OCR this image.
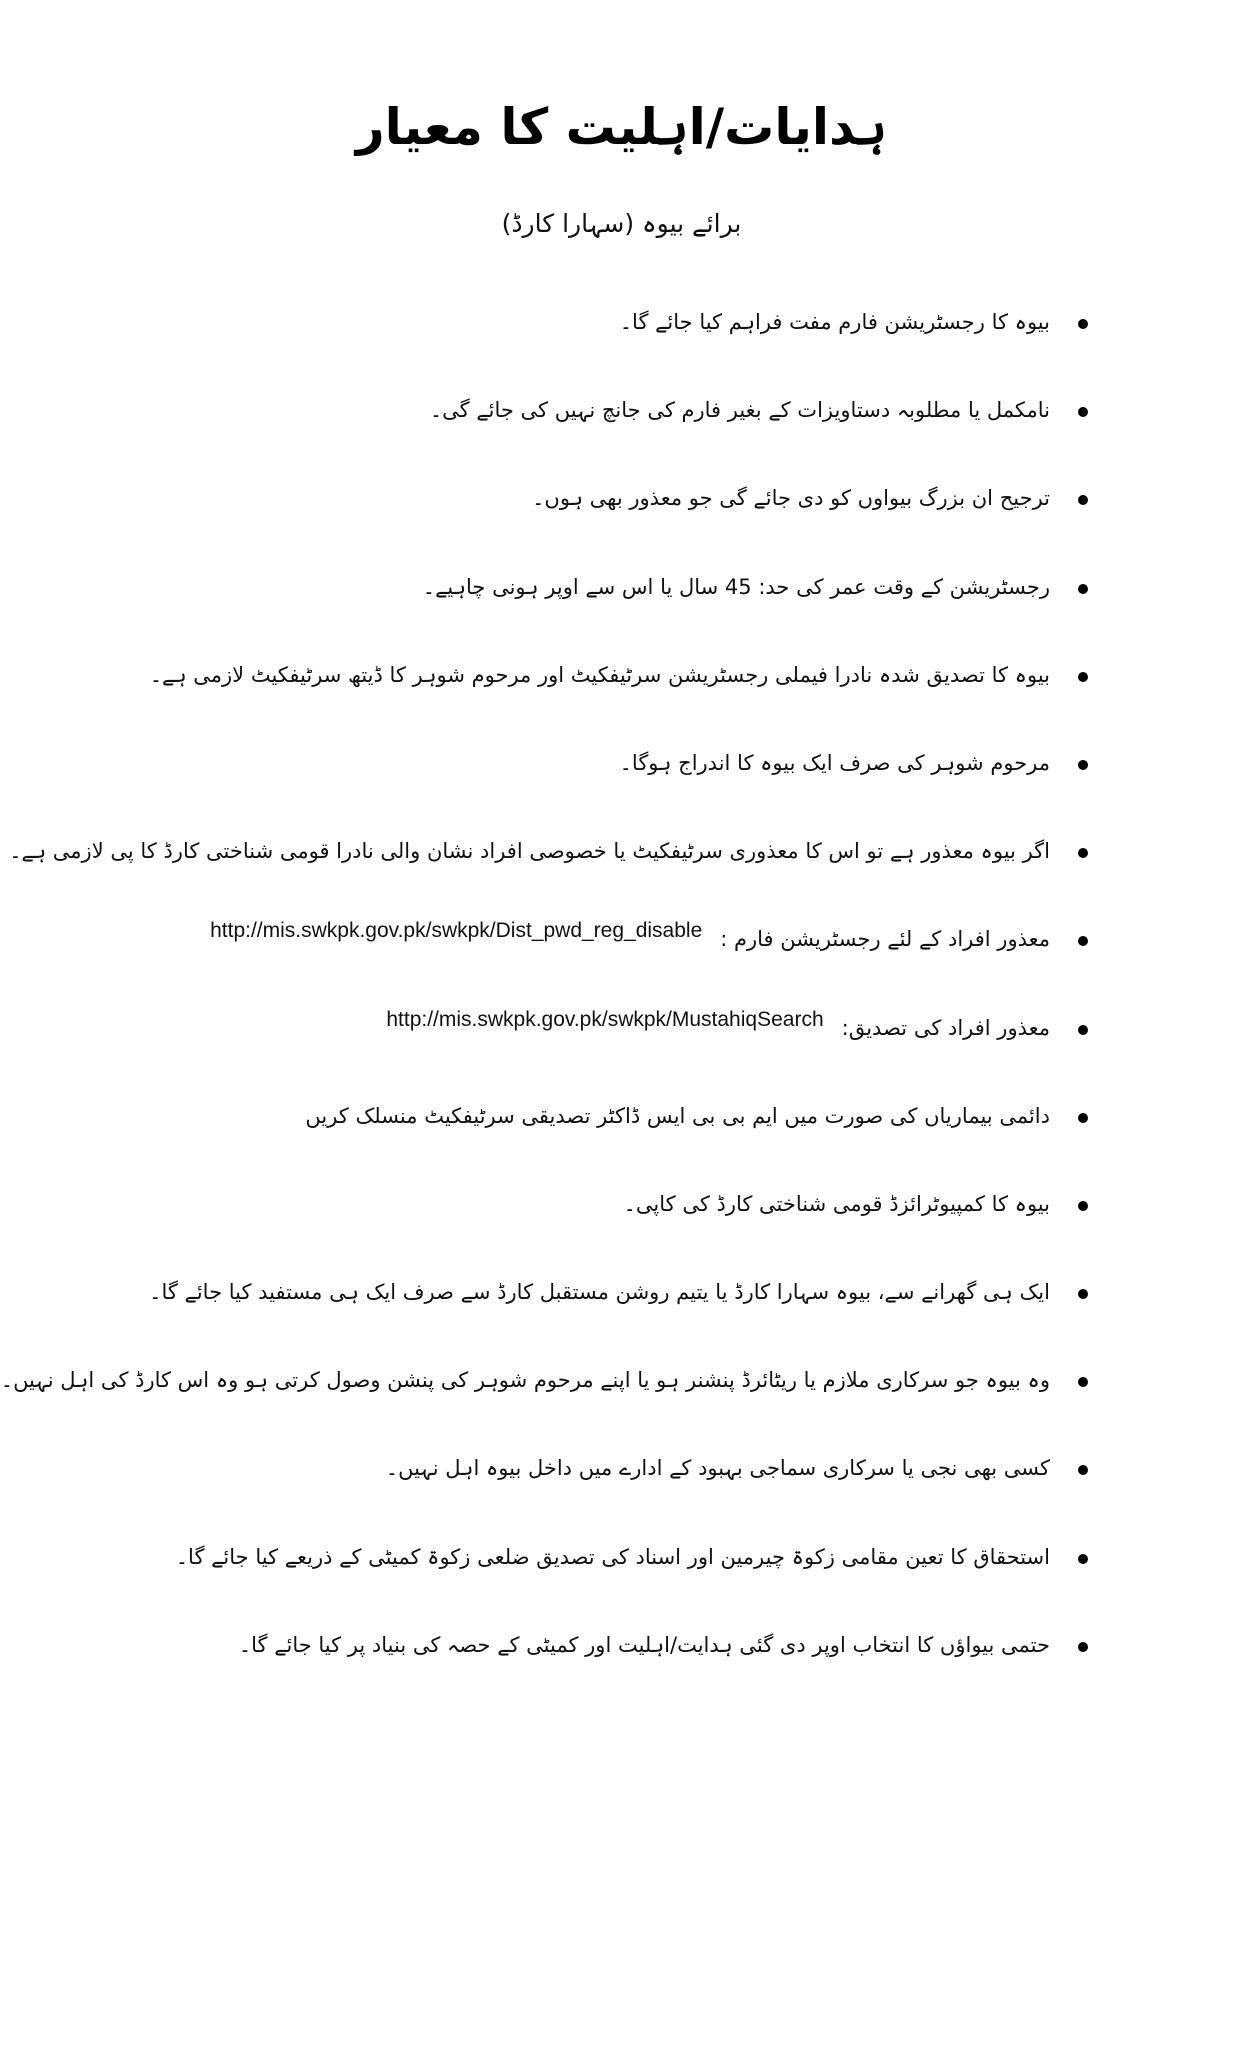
ہدایات/اہلیت کا معیار
برائے بیوہ (سہارا کارڈ)
بیوہ کا رجسٹریشن فارم مفت فراہم کیا جائے گا۔
نامکمل یا مطلوبہ دستاویزات کے بغیر فارم کی جانچ نہیں کی جائے گی۔
ترجیح ان بزرگ بیواوں کو دی جائے گی جو معذور بھی ہوں۔
رجسٹریشن کے وقت عمر کی حد: 45 سال یا اس سے اوپر ہونی چاہیے۔
بیوہ کا تصدیق شدہ نادرا فیملی رجسٹریشن سرٹیفکیٹ اور مرحوم شوہر کا ڈیتھ سرٹیفکیٹ لازمی ہے۔
مرحوم شوہر کی صرف ایک بیوہ کا اندراج ہوگا۔
اگر بیوہ معذور ہے تو اس کا معذوری سرٹیفکیٹ یا خصوصی افراد نشان والی نادرا قومی شناختی کارڈ کا پی لازمی ہے۔
معذور افراد کے لئے رجسٹریشن فارم :
http://mis.swkpk.gov.pk/swkpk/Dist_pwd_reg_disable
معذور افراد کی تصدیق:
http://mis.swkpk.gov.pk/swkpk/MustahiqSearch
دائمی بیماریاں کی صورت میں ایم بی بی ایس ڈاکٹر تصدیقی سرٹیفکیٹ منسلک کریں
بیوہ کا کمپیوٹرائزڈ قومی شناختی کارڈ کی کاپی۔
ایک ہی گھرانے سے، بیوہ سہارا کارڈ یا یتیم روشن مستقبل کارڈ سے صرف ایک ہی مستفید کیا جائے گا۔
وہ بیوہ جو سرکاری ملازم یا ریٹائرڈ پنشنر ہو یا اپنے مرحوم شوہر کی پنشن وصول کرتی ہو وہ اس کارڈ کی اہل نہیں۔
کسی بھی نجی یا سرکاری سماجی بہبود کے ادارے میں داخل بیوہ اہل نہیں۔
استحقاق کا تعین مقامی زکوۃ چیرمین اور اسناد کی تصدیق ضلعی زکوۃ کمیٹی کے ذریعے کیا جائے گا۔
حتمی بیواؤں کا انتخاب اوپر دی گئی ہدایت/اہلیت اور کمیٹی کے حصہ کی بنیاد پر کیا جائے گا۔
